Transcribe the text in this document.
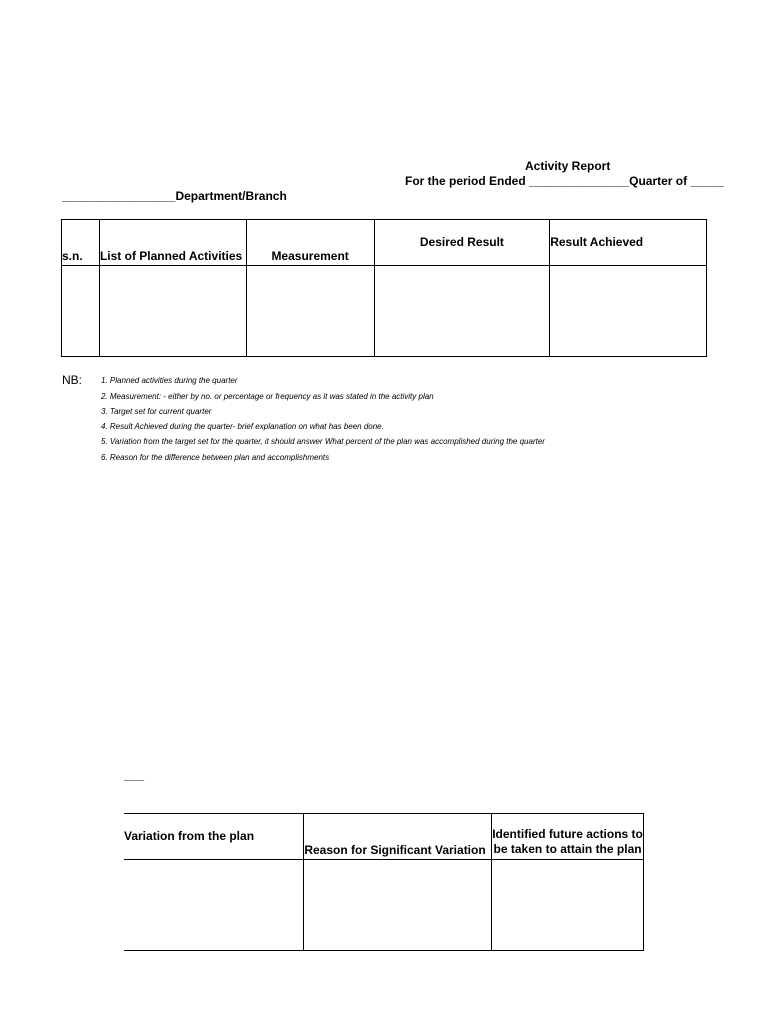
Activity Report
For the period Ended _______________Quarter of _____
_________________Department/Branch
s.n.	List of Planned Activities	Measurement	Desired Result	Result Achieved

NB: 1. Planned activities during the quarter
2. Measurement: - either by no. or percentage or frequency as it was stated in the activity plan
3. Target set for current quarter
4. Result Achieved during the quarter- brief explanation on what has been done.
5. Variation from the target set for the quarter, it should answer What percent of the plan was accomplished during the quarter
6. Reason for the difference between plan and accomplishments
___
Variation from the plan	Reason for Significant Variation	Identified future actions to be taken to attain the plan
